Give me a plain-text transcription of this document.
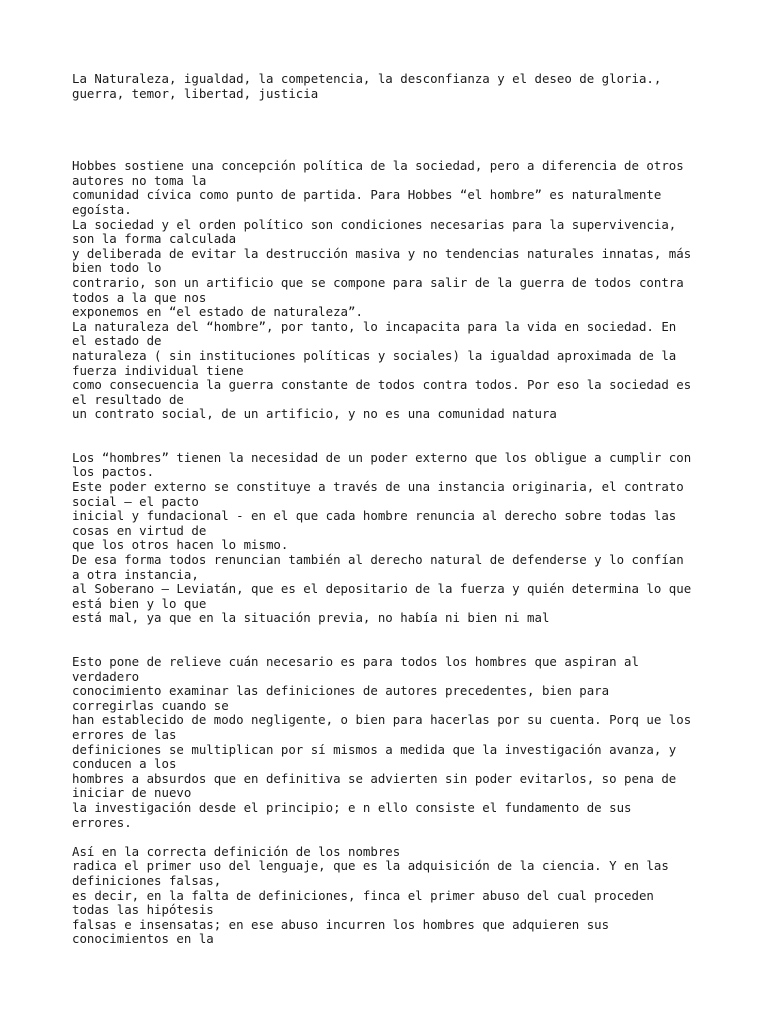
La Naturaleza, igualdad, la competencia, la desconfianza y el deseo de gloria.,
guerra, temor, libertad, justicia
Hobbes sostiene una concepción política de la sociedad, pero a diferencia de otros
autores no toma la
comunidad cívica como punto de partida. Para Hobbes “el hombre” es naturalmente
egoísta.
La sociedad y el orden político son condiciones necesarias para la supervivencia,
son la forma calculada
y deliberada de evitar la destrucción masiva y no tendencias naturales innatas, más
bien todo lo
contrario, son un artificio que se compone para salir de la guerra de todos contra
todos a la que nos
exponemos en “el estado de naturaleza”.
La naturaleza del “hombre”, por tanto, lo incapacita para la vida en sociedad. En
el estado de
naturaleza ( sin instituciones políticas y sociales) la igualdad aproximada de la
fuerza individual tiene
como consecuencia la guerra constante de todos contra todos. Por eso la sociedad es
el resultado de
un contrato social, de un artificio, y no es una comunidad natura
Los “hombres” tienen la necesidad de un poder externo que los obligue a cumplir con
los pactos.
Este poder externo se constituye a través de una instancia originaria, el contrato
social – el pacto
inicial y fundacional - en el que cada hombre renuncia al derecho sobre todas las
cosas en virtud de
que los otros hacen lo mismo.
De esa forma todos renuncian también al derecho natural de defenderse y lo confían
a otra instancia,
al Soberano – Leviatán, que es el depositario de la fuerza y quién determina lo que
está bien y lo que
está mal, ya que en la situación previa, no había ni bien ni mal
Esto pone de relieve cuán necesario es para todos los hombres que aspiran al
verdadero
conocimiento examinar las definiciones de autores precedentes, bien para
corregirlas cuando se
han establecido de modo negligente, o bien para hacerlas por su cuenta. Porq ue los
errores de las
definiciones se multiplican por sí mismos a medida que la investigación avanza, y
conducen a los
hombres a absurdos que en definitiva se advierten sin poder evitarlos, so pena de
iniciar de nuevo
la investigación desde el principio; e n ello consiste el fundamento de sus
errores.
Así en la correcta definición de los nombres
radica el primer uso del lenguaje, que es la adquisición de la ciencia. Y en las
definiciones falsas,
es decir, en la falta de definiciones, finca el primer abuso del cual proceden
todas las hipótesis
falsas e insensatas; en ese abuso incurren los hombres que adquieren sus
conocimientos en la
